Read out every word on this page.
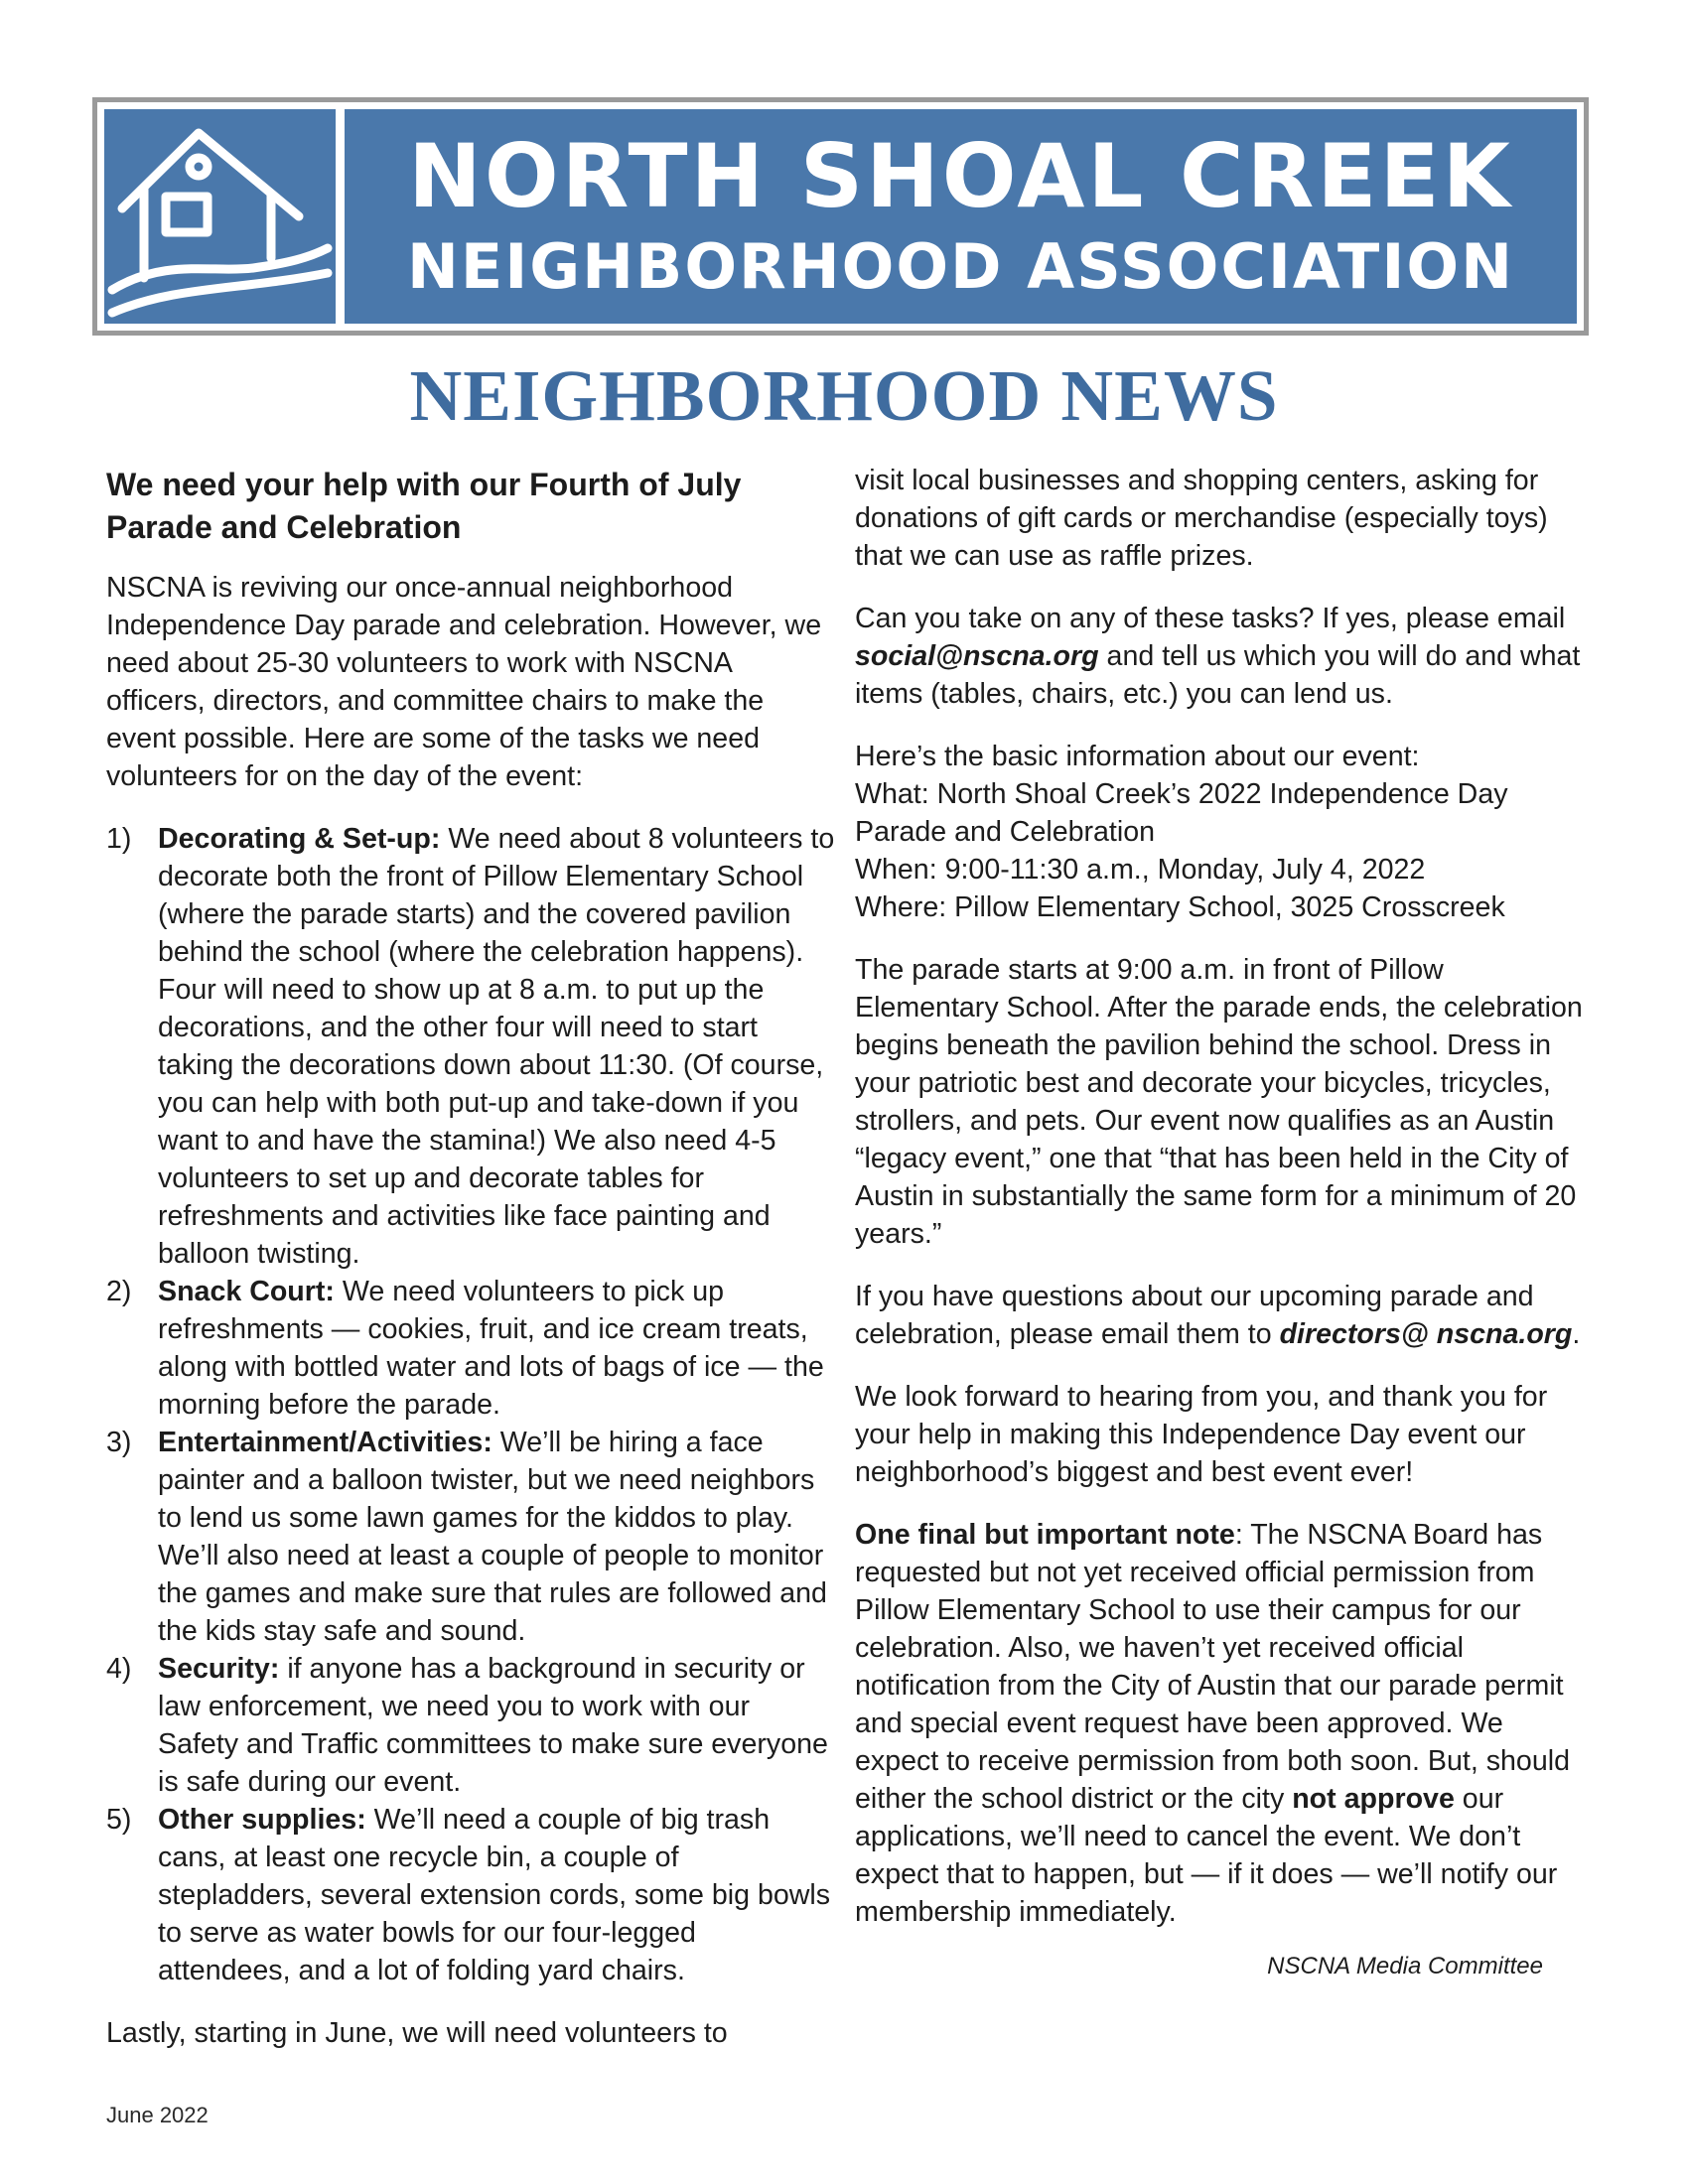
NORTH SHOAL CREEK
NEIGHBORHOOD ASSOCIATION
NEIGHBORHOOD NEWS
We need your help with our Fourth of July Parade and Celebration

NSCNA is reviving our once-annual neighborhood Independence Day parade and celebration. However, we need about 25-30 volunteers to work with NSCNA officers, directors, and committee chairs to make the event possible. Here are some of the tasks we need volunteers for on the day of the event:

1) Decorating & Set-up: We need about 8 volunteers to decorate both the front of Pillow Elementary School (where the parade starts) and the covered pavilion behind the school (where the celebration happens). Four will need to show up at 8 a.m. to put up the decorations, and the other four will need to start taking the decorations down about 11:30. (Of course, you can help with both put-up and take-down if you want to and have the stamina!) We also need 4-5 volunteers to set up and decorate tables for refreshments and activities like face painting and balloon twisting.
2) Snack Court: We need volunteers to pick up refreshments — cookies, fruit, and ice cream treats, along with bottled water and lots of bags of ice — the morning before the parade.
3) Entertainment/Activities: We’ll be hiring a face painter and a balloon twister, but we need neighbors to lend us some lawn games for the kiddos to play. We’ll also need at least a couple of people to monitor the games and make sure that rules are followed and the kids stay safe and sound.
4) Security: if anyone has a background in security or law enforcement, we need you to work with our Safety and Traffic committees to make sure everyone is safe during our event.
5) Other supplies: We’ll need a couple of big trash cans, at least one recycle bin, a couple of stepladders, several extension cords, some big bowls to serve as water bowls for our four-legged attendees, and a lot of folding yard chairs.

Lastly, starting in June, we will need volunteers to

visit local businesses and shopping centers, asking for donations of gift cards or merchandise (especially toys) that we can use as raffle prizes.

Can you take on any of these tasks? If yes, please email social@nscna.org and tell us which you will do and what items (tables, chairs, etc.) you can lend us.

Here’s the basic information about our event:
What: North Shoal Creek’s 2022 Independence Day Parade and Celebration
When: 9:00-11:30 a.m., Monday, July 4, 2022
Where: Pillow Elementary School, 3025 Crosscreek

The parade starts at 9:00 a.m. in front of Pillow Elementary School. After the parade ends, the celebration begins beneath the pavilion behind the school. Dress in your patriotic best and decorate your bicycles, tricycles, strollers, and pets. Our event now qualifies as an Austin “legacy event,” one that “that has been held in the City of Austin in substantially the same form for a minimum of 20 years.”

If you have questions about our upcoming parade and celebration, please email them to directors@ nscna.org.

We look forward to hearing from you, and thank you for your help in making this Independence Day event our neighborhood’s biggest and best event ever!

One final but important note: The NSCNA Board has requested but not yet received official permission from Pillow Elementary School to use their campus for our celebration. Also, we haven’t yet received official notification from the City of Austin that our parade permit and special event request have been approved. We expect to receive permission from both soon. But, should either the school district or the city not approve our applications, we’ll need to cancel the event. We don’t expect that to happen, but — if it does — we’ll notify our membership immediately.

NSCNA Media Committee
June 2022
